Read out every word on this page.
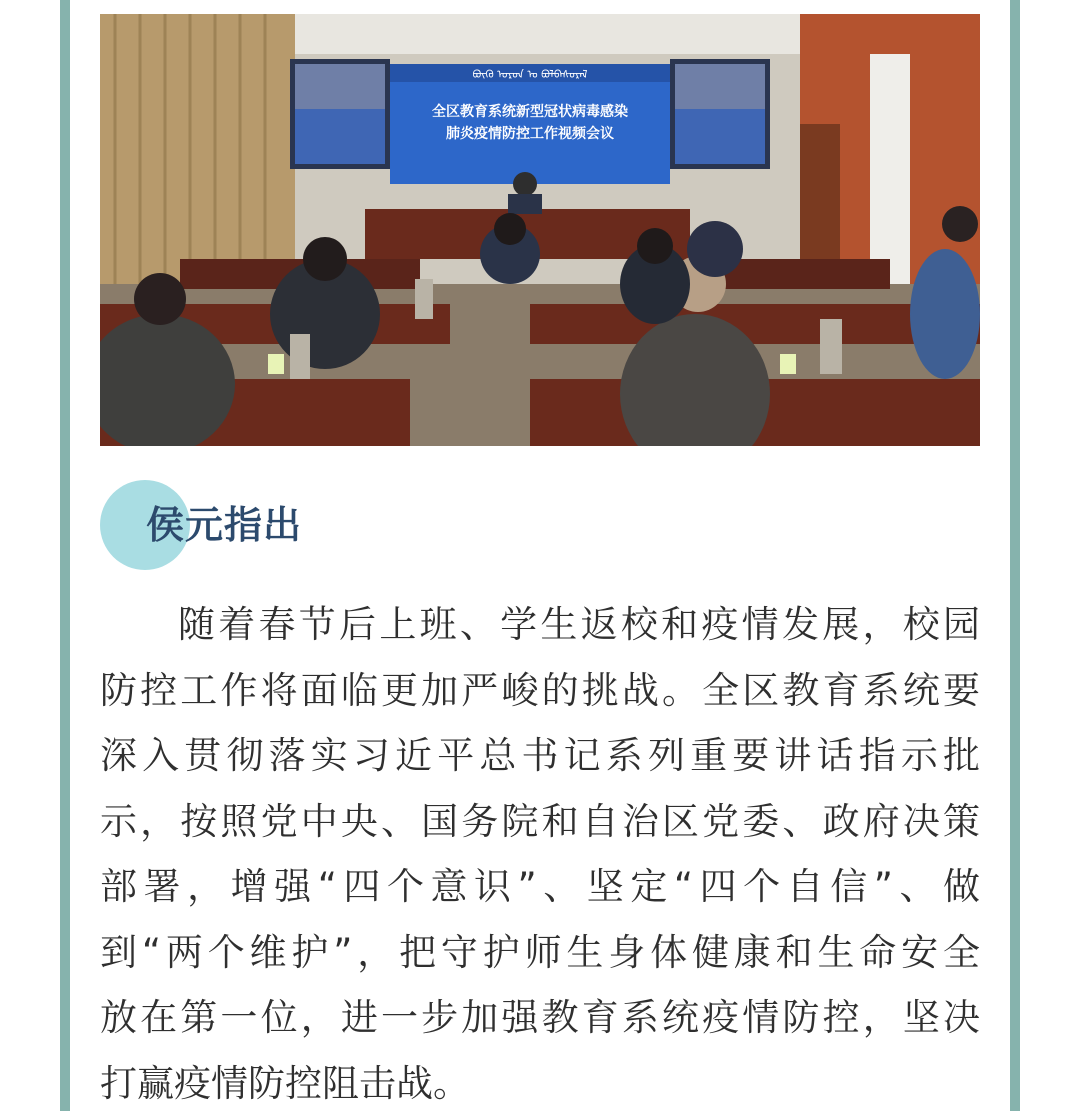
ᠪᠦᠬᠦ ᠣᠷᠣᠨ ᠤ ᠪᠣᠯᠪᠠᠰᠤᠷᠠᠯ
全区教育系统新型冠状病毒感染
肺炎疫情防控工作视频会议
侯元指出
随着春节后上班、学生返校和疫情发展，校园
防控工作将面临更加严峻的挑战。全区教育系统要
深入贯彻落实习近平总书记系列重要讲话指示批
示，按照党中央、国务院和自治区党委、政府决策
部署，增强“四个意识”、坚定“四个自信”、做
到“两个维护”，把守护师生身体健康和生命安全
放在第一位，进一步加强教育系统疫情防控，坚决
打赢疫情防控阻击战。
